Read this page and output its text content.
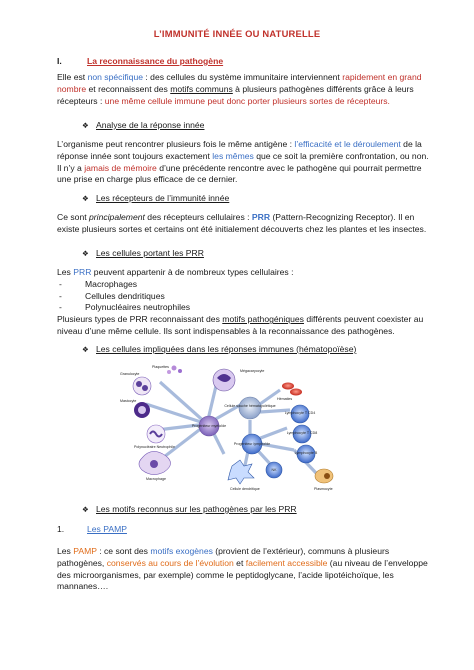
L’IMMUNITÉ INNÉE OU NATURELLE
I.	La reconnaissance du pathogène

Elle est non spécifique : des cellules du système immunitaire interviennent rapidement en grand nombre et reconnaissent des motifs communs à plusieurs pathogènes différents grâce à leurs récepteurs : une même cellule immune peut donc porter plusieurs sortes de récepteurs.

❖ Analyse de la réponse innée

L’organisme peut rencontrer plusieurs fois le même antigène : l’efficacité et le déroulement de la réponse innée sont toujours exactement les mêmes que ce soit la première confrontation, ou non.
Il n’y a jamais de mémoire d’une précédente rencontre avec le pathogène qui pourrait permettre une prise en charge plus efficace de ce dernier.

❖ Les récepteurs de l’immunité innée

Ce sont principalement des récepteurs cellulaires : PRR (Pattern-Recognizing Receptor). Il en existe plusieurs sortes et certains ont été initialement découverts chez les plantes et les insectes.

❖ Les cellules portant les PRR
Les PRR peuvent appartenir à de nombreux types cellulaires :
- Macrophages
- Cellules dendritiques
- Polynucléaires neutrophiles
Plusieurs types de PRR reconnaissant des motifs pathogéniques différents peuvent coexister au niveau d’une même cellule. Ils sont indispensables à la reconnaissance des pathogènes.
❖ Les cellules impliquées dans les réponses immunes (hématopoïèse)
Cellule souche hématopoïétique
Progéniteur myéloïde
Progéniteur lymphoïde
Plaquettes
Granulocyte
Mastocyte
Polynucléaire Neutrophile
Macrophage
Mégacaryocyte
Hématies
Lymphocyte T CD4
Lymphocyte T CD8
Lymphocyte B
NK
Cellule dendritique	Plasmocyte
❖ Les motifs reconnus sur les pathogènes par les PRR
1.	Les PAMP

Les PAMP : ce sont des motifs exogènes (provient de l’extérieur), communs à plusieurs pathogènes, conservés au cours de l’évolution et facilement accessible (au niveau de l’enveloppe des microorganismes, par exemple) comme le peptidoglycane, l’acide lipotéichoïque, les mannanes….
